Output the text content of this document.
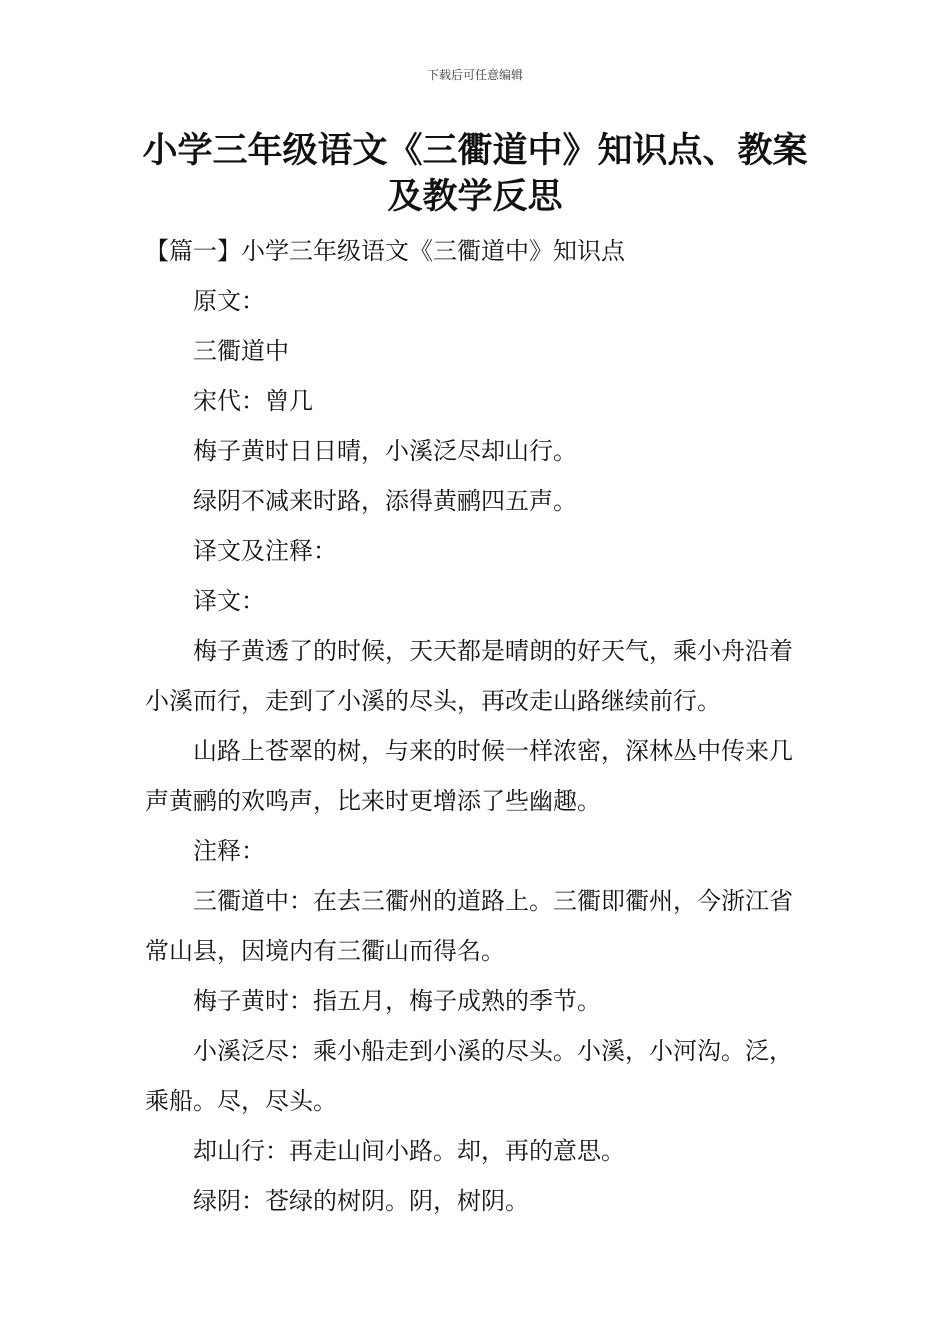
下载后可任意编辑
小学三年级语文《三衢道中》知识点、教案及教学反思

【篇一】小学三年级语文《三衢道中》知识点

原文：

三衢道中

宋代：曾几

梅子黄时日日晴，小溪泛尽却山行。

绿阴不减来时路，添得黄鹂四五声。

译文及注释：

译文：

梅子黄透了的时候，天天都是晴朗的好天气，乘小舟沿着小溪而行，走到了小溪的尽头，再改走山路继续前行。

山路上苍翠的树，与来的时候一样浓密，深林丛中传来几声黄鹂的欢鸣声，比来时更增添了些幽趣。

注释：

三衢道中：在去三衢州的道路上。三衢即衢州，今浙江省常山县，因境内有三衢山而得名。

梅子黄时：指五月，梅子成熟的季节。

小溪泛尽：乘小船走到小溪的尽头。小溪，小河沟。泛，乘船。尽，尽头。

却山行：再走山间小路。却，再的意思。

绿阴：苍绿的树阴。阴，树阴。
